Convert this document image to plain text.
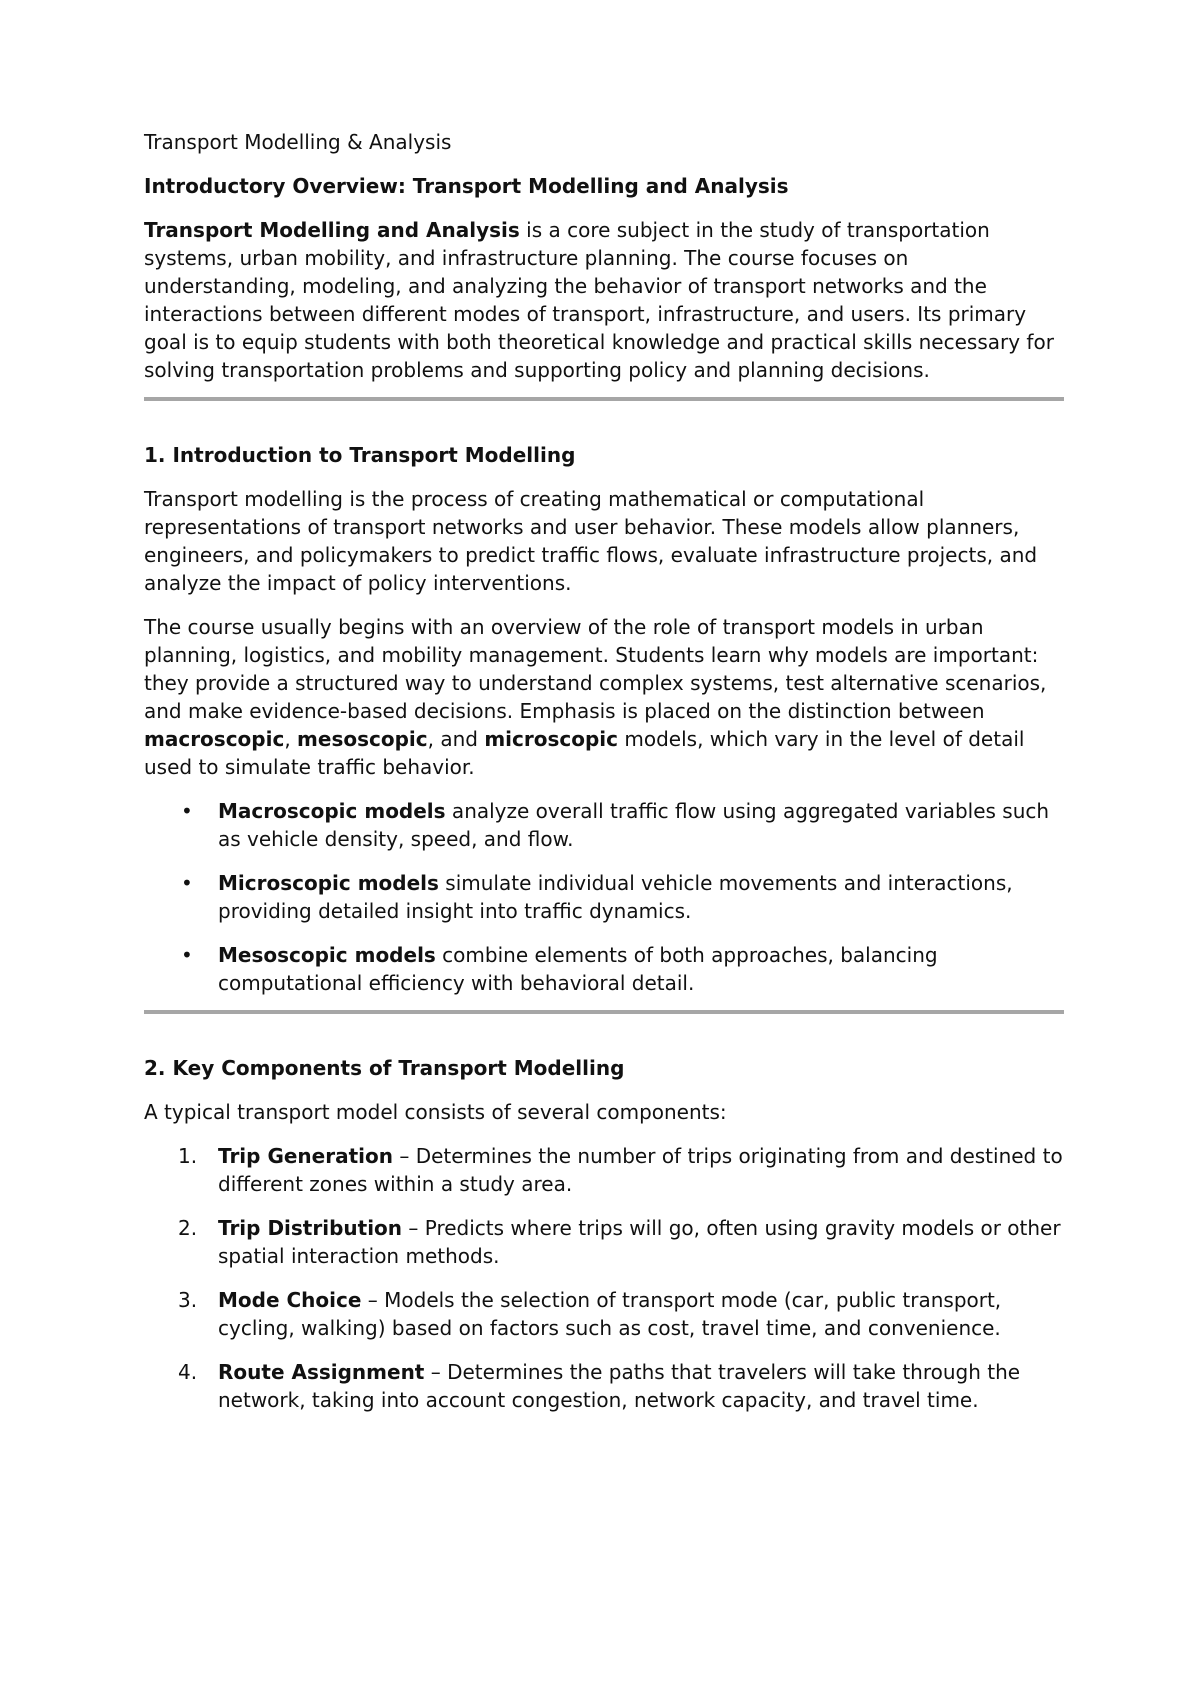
Transport Modelling & Analysis

Introductory Overview: Transport Modelling and Analysis

Transport Modelling and Analysis is a core subject in the study of transportation systems, urban mobility, and infrastructure planning. The course focuses on understanding, modeling, and analyzing the behavior of transport networks and the interactions between different modes of transport, infrastructure, and users. Its primary goal is to equip students with both theoretical knowledge and practical skills necessary for solving transportation problems and supporting policy and planning decisions.

1. Introduction to Transport Modelling

Transport modelling is the process of creating mathematical or computational representations of transport networks and user behavior. These models allow planners, engineers, and policymakers to predict traffic flows, evaluate infrastructure projects, and analyze the impact of policy interventions.

The course usually begins with an overview of the role of transport models in urban planning, logistics, and mobility management. Students learn why models are important: they provide a structured way to understand complex systems, test alternative scenarios, and make evidence-based decisions. Emphasis is placed on the distinction between macroscopic, mesoscopic, and microscopic models, which vary in the level of detail used to simulate traffic behavior.

• Macroscopic models analyze overall traffic flow using aggregated variables such as vehicle density, speed, and flow.
• Microscopic models simulate individual vehicle movements and interactions, providing detailed insight into traffic dynamics.
• Mesoscopic models combine elements of both approaches, balancing computational efficiency with behavioral detail.

2. Key Components of Transport Modelling

A typical transport model consists of several components:

1. Trip Generation – Determines the number of trips originating from and destined to different zones within a study area.
2. Trip Distribution – Predicts where trips will go, often using gravity models or other spatial interaction methods.
3. Mode Choice – Models the selection of transport mode (car, public transport, cycling, walking) based on factors such as cost, travel time, and convenience.
4. Route Assignment – Determines the paths that travelers will take through the network, taking into account congestion, network capacity, and travel time.
